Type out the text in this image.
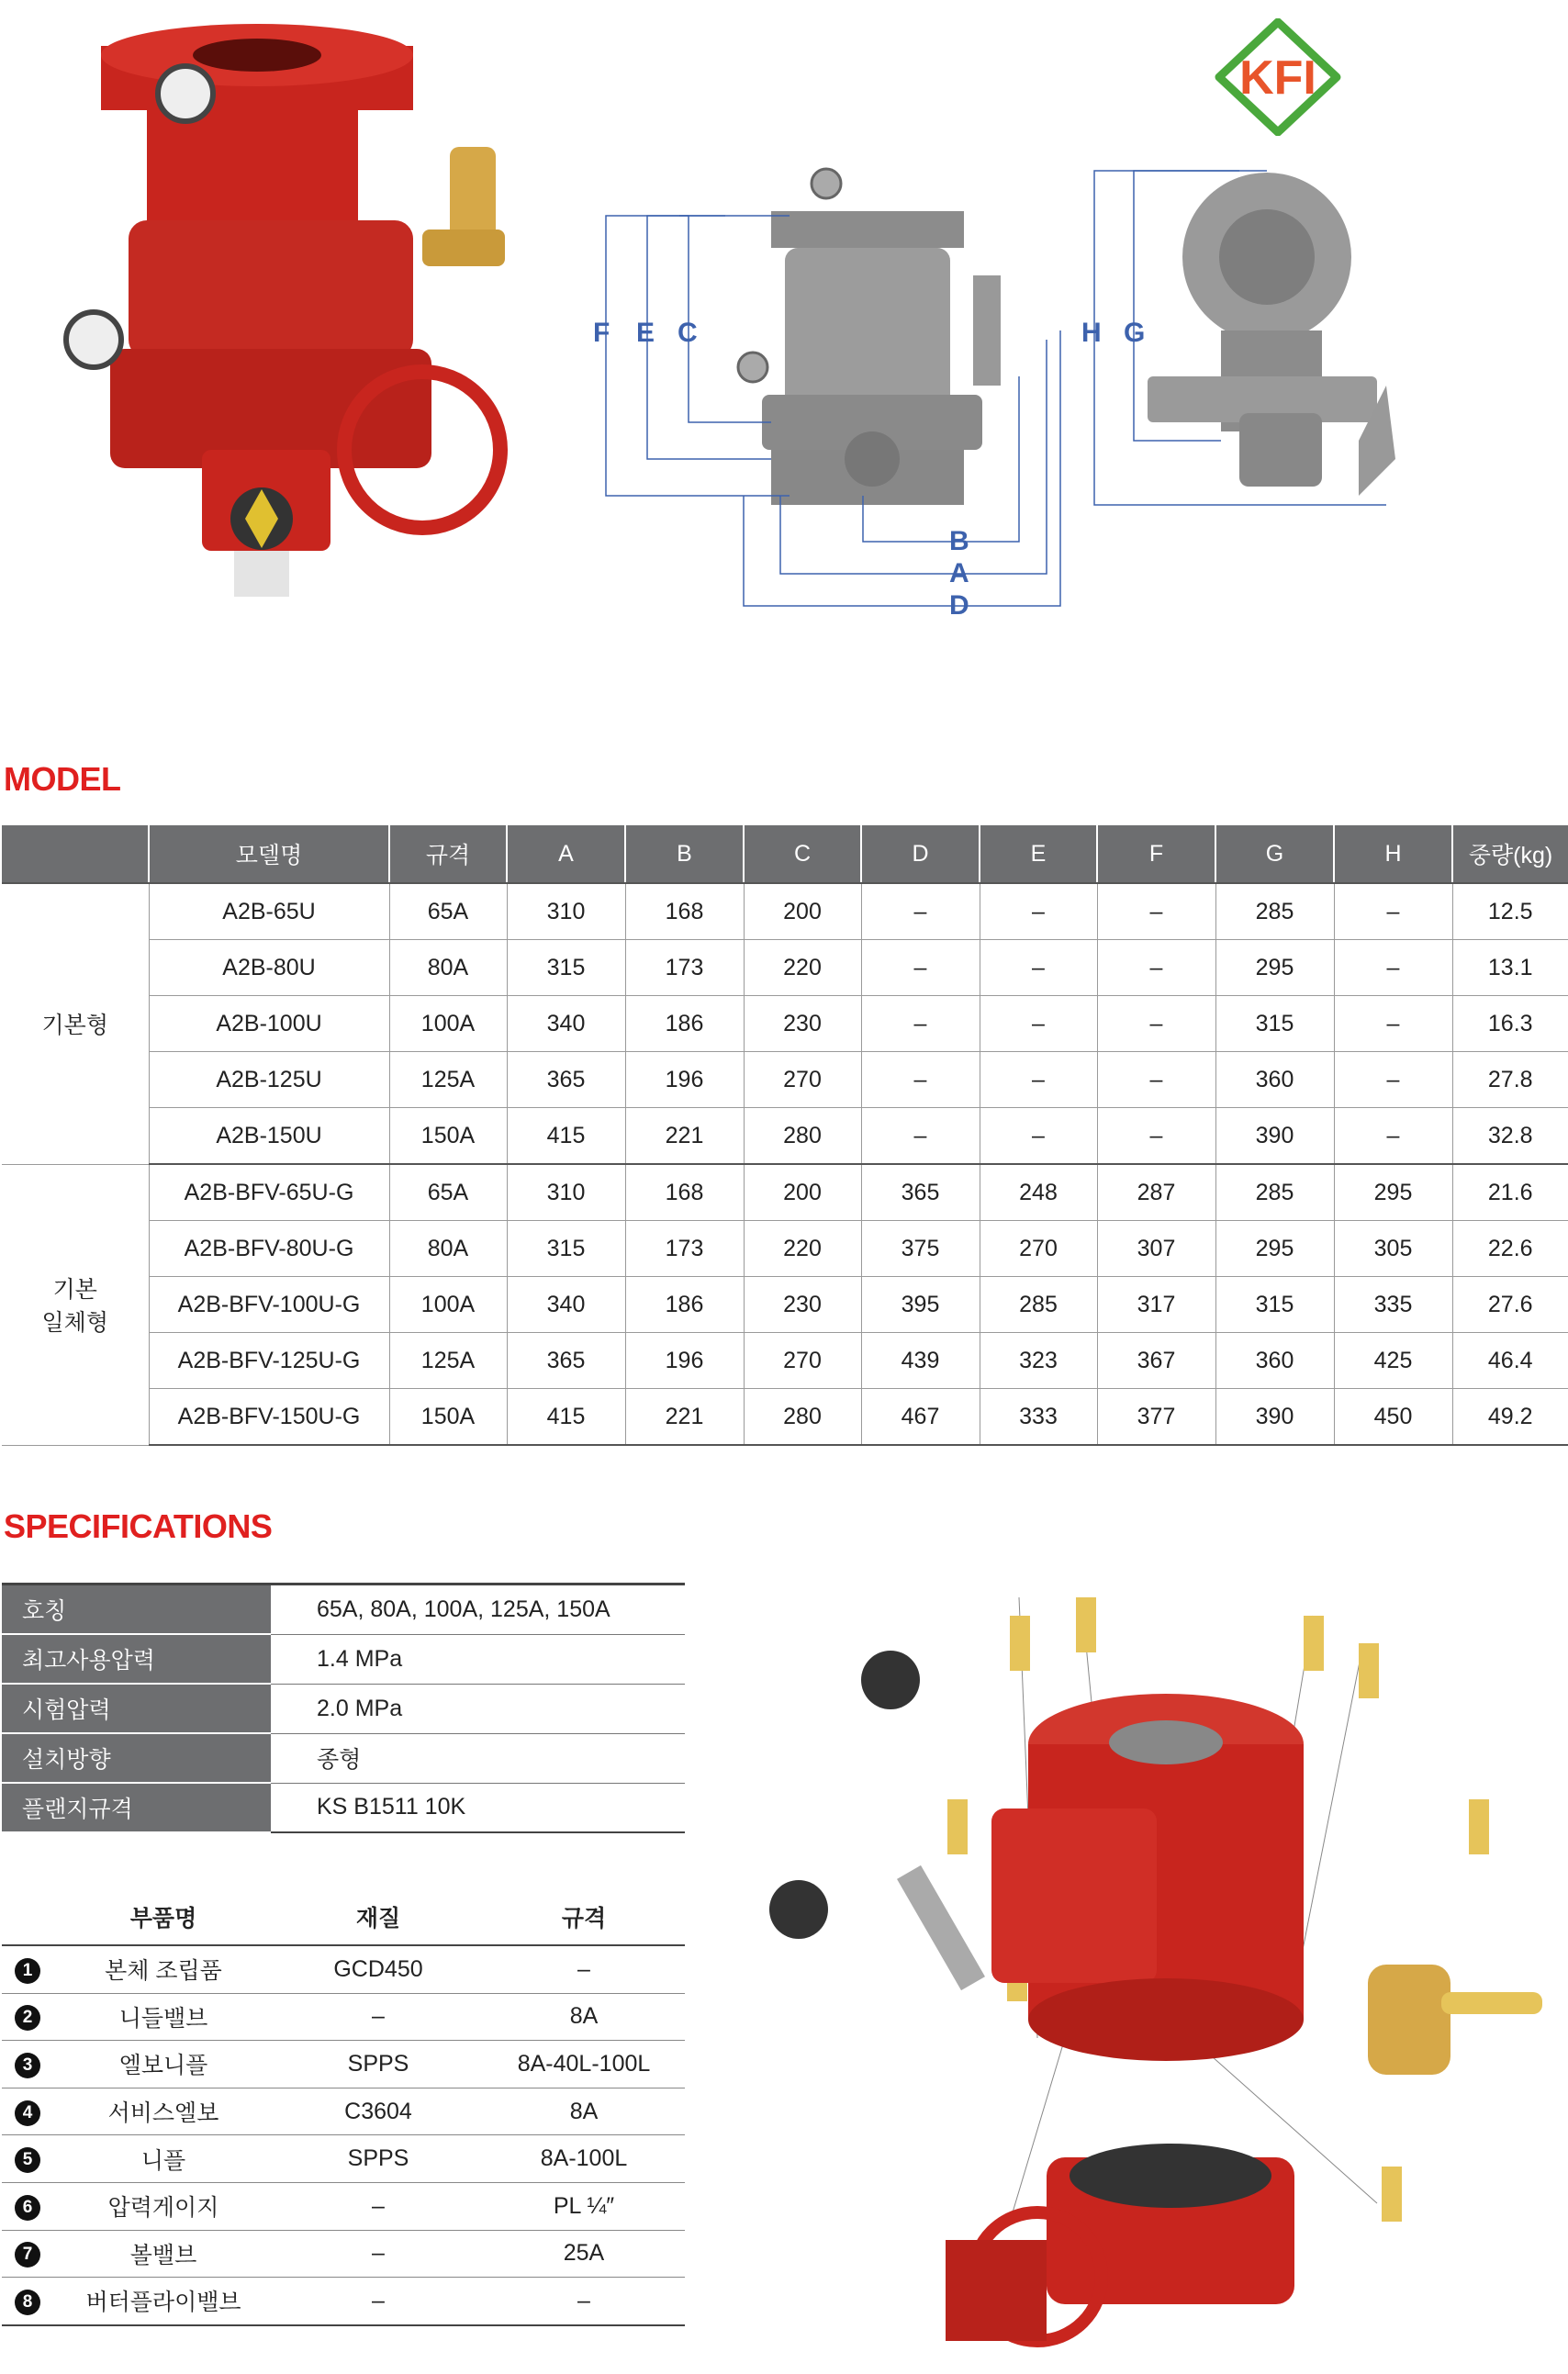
F E C
B
A
D
H G
KFI
MODEL
	모델명	규격	A	B	C	D	E	F	G	H	중량(kg)
기본형	A2B-65U	65A	310	168	200	–	–	–	285	–	12.5
	A2B-80U	80A	315	173	220	–	–	–	295	–	13.1
	A2B-100U	100A	340	186	230	–	–	–	315	–	16.3
	A2B-125U	125A	365	196	270	–	–	–	360	–	27.8
	A2B-150U	150A	415	221	280	–	–	–	390	–	32.8

기본
일체형	A2B-BFV-65U-G	65A	310	168	200	365	248	287	285	295	21.6
	A2B-BFV-80U-G	80A	315	173	220	375	270	307	295	305	22.6
	A2B-BFV-100U-G	100A	340	186	230	395	285	317	315	335	27.6
	A2B-BFV-125U-G	125A	365	196	270	439	323	367	360	425	46.4
	A2B-BFV-150U-G	150A	415	221	280	467	333	377	390	450	49.2
SPECIFICATIONS
호칭	65A, 80A, 100A, 125A, 150A
최고사용압력	1.4 MPa
시험압력	2.0 MPa
설치방향	종형
플랜지규격	KS B1511 10K
	부품명	재질	규격
1	본체 조립품	GCD450	–
2	니들밸브	–	8A
3	엘보니플	SPPS	8A-40L-100L
4	서비스엘보	C3604	8A
5	니플	SPPS	8A-100L
6	압력게이지	–	PL ¼″
7	볼밸브	–	25A
8	버터플라이밸브	–	–
